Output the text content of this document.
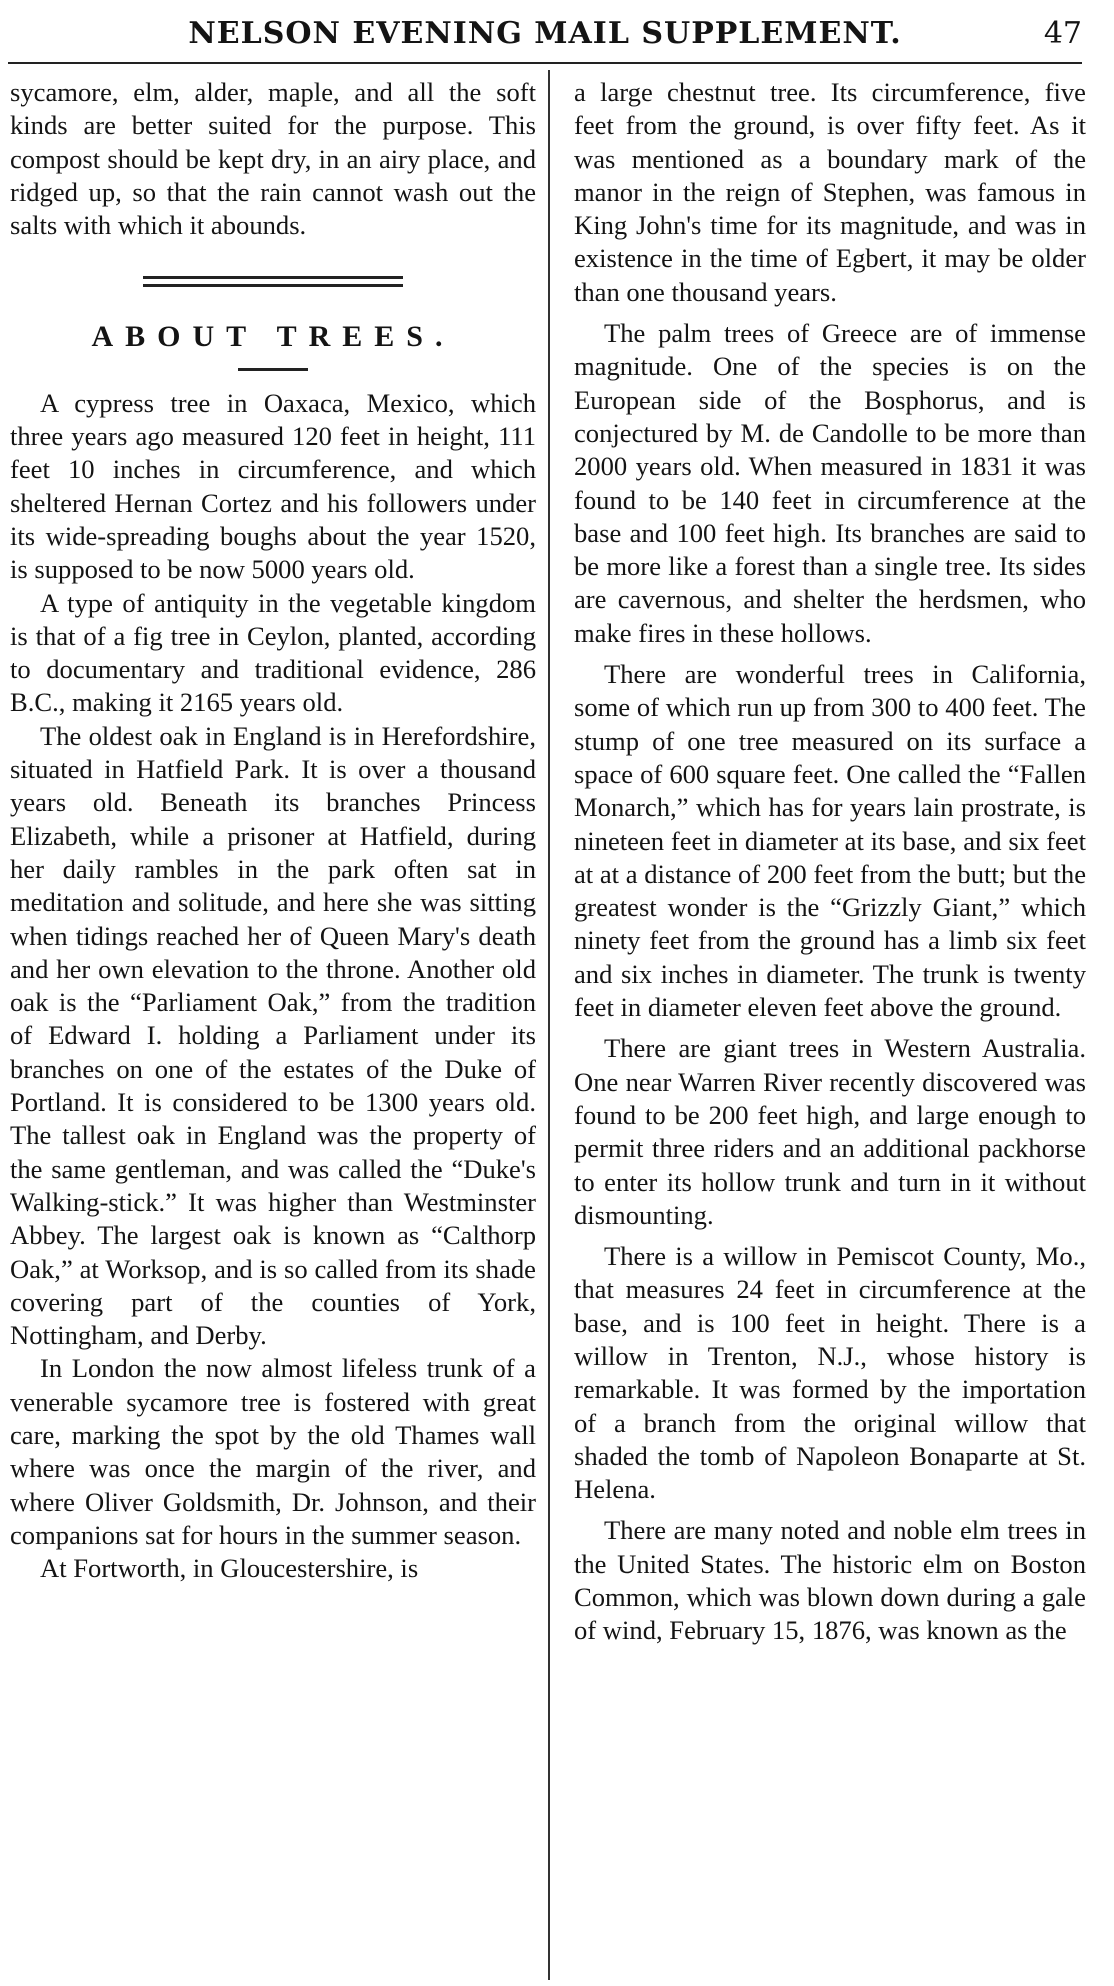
NELSON EVENING MAIL SUPPLEMENT.	47

sycamore, elm, alder, maple, and all the soft kinds are better suited for the purpose. This compost should be kept dry, in an airy place, and ridged up, so that the rain cannot wash out the salts with which it abounds.

ABOUT TREES.

A cypress tree in Oaxaca, Mexico, which three years ago measured 120 feet in height, 111 feet 10 inches in circumference, and which sheltered Hernan Cortez and his followers under its wide-spreading boughs about the year 1520, is supposed to be now 5000 years old.

A type of antiquity in the vegetable kingdom is that of a fig tree in Ceylon, planted, according to documentary and traditional evidence, 286 B.C., making it 2165 years old.

The oldest oak in England is in Herefordshire, situated in Hatfield Park. It is over a thousand years old. Beneath its branches Princess Elizabeth, while a prisoner at Hatfield, during her daily rambles in the park often sat in meditation and solitude, and here she was sitting when tidings reached her of Queen Mary's death and her own elevation to the throne. Another old oak is the “Parliament Oak,” from the tradition of Edward I. holding a Parliament under its branches on one of the estates of the Duke of Portland. It is considered to be 1300 years old. The tallest oak in England was the property of the same gentleman, and was called the “Duke's Walking-stick.” It was higher than Westminster Abbey. The largest oak is known as “Calthorp Oak,” at Worksop, and is so called from its shade covering part of the counties of York, Nottingham, and Derby.

In London the now almost lifeless trunk of a venerable sycamore tree is fostered with great care, marking the spot by the old Thames wall where was once the margin of the river, and where Oliver Goldsmith, Dr. Johnson, and their companions sat for hours in the summer season.

At Fortworth, in Gloucestershire, is

a large chestnut tree. Its circumference, five feet from the ground, is over fifty feet. As it was mentioned as a boundary mark of the manor in the reign of Stephen, was famous in King John's time for its magnitude, and was in existence in the time of Egbert, it may be older than one thousand years.

The palm trees of Greece are of immense magnitude. One of the species is on the European side of the Bosphorus, and is conjectured by M. de Candolle to be more than 2000 years old. When measured in 1831 it was found to be 140 feet in circumference at the base and 100 feet high. Its branches are said to be more like a forest than a single tree. Its sides are cavernous, and shelter the herdsmen, who make fires in these hollows.

There are wonderful trees in California, some of which run up from 300 to 400 feet. The stump of one tree measured on its surface a space of 600 square feet. One called the “Fallen Monarch,” which has for years lain prostrate, is nineteen feet in diameter at its base, and six feet at at a distance of 200 feet from the butt; but the greatest wonder is the “Grizzly Giant,” which ninety feet from the ground has a limb six feet and six inches in diameter. The trunk is twenty feet in diameter eleven feet above the ground.

There are giant trees in Western Australia. One near Warren River recently discovered was found to be 200 feet high, and large enough to permit three riders and an additional packhorse to enter its hollow trunk and turn in it without dismounting.

There is a willow in Pemiscot County, Mo., that measures 24 feet in circumference at the base, and is 100 feet in height. There is a willow in Trenton, N.J., whose history is remarkable. It was formed by the importation of a branch from the original willow that shaded the tomb of Napoleon Bonaparte at St. Helena.

There are many noted and noble elm trees in the United States. The historic elm on Boston Common, which was blown down during a gale of wind, February 15, 1876, was known as the
